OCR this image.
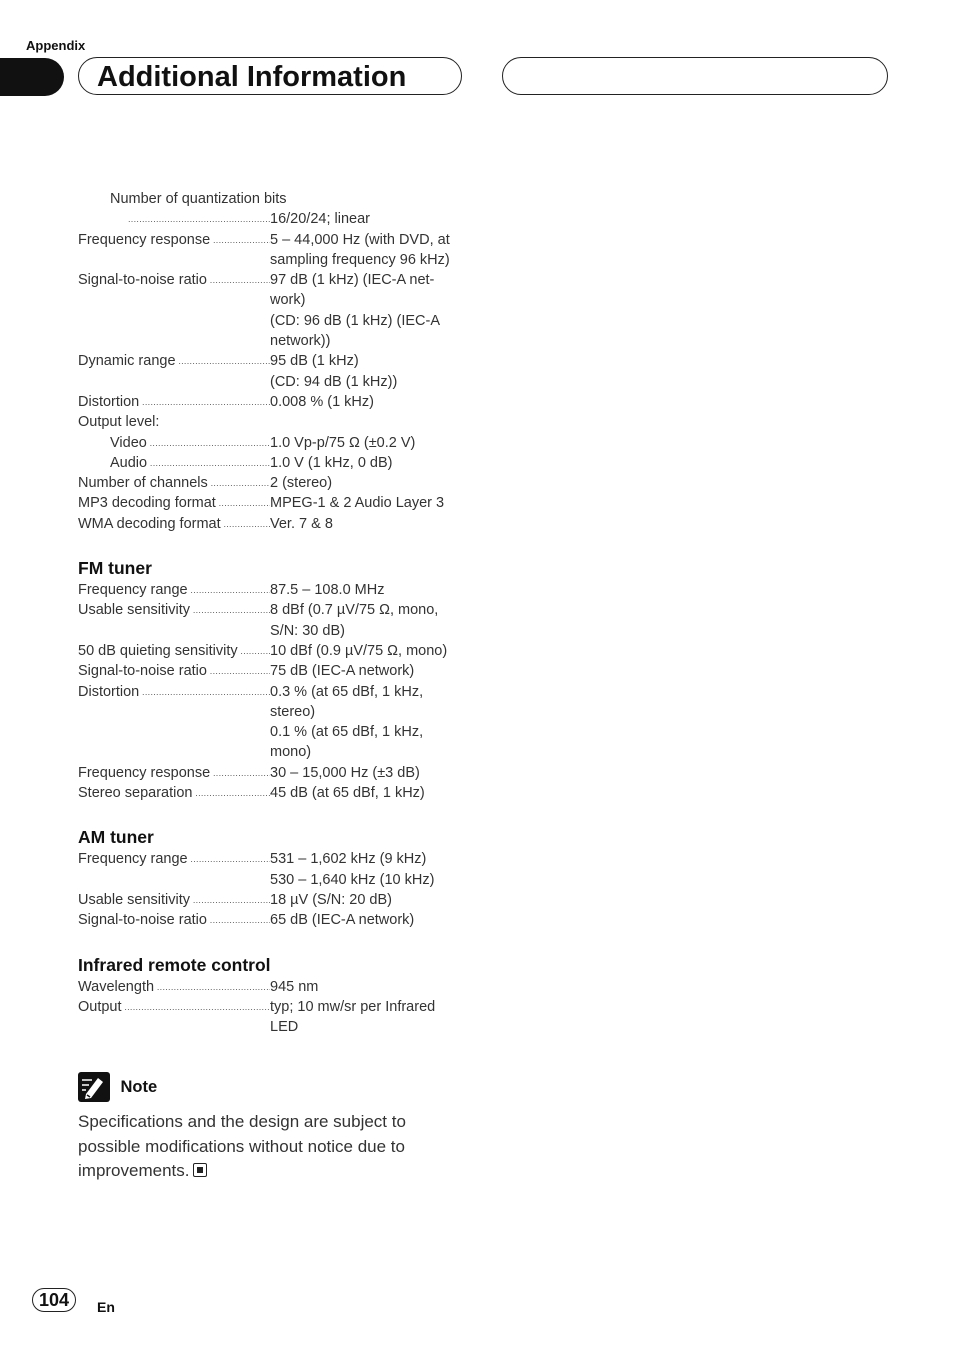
Appendix
Additional Information
Number of quantization bits
.....
16/20/24; linear
Frequency response .....	5 – 44,000 Hz (with DVD, at
sampling frequency 96 kHz)
Signal-to-noise ratio .....	97 dB (1 kHz) (IEC-A net-
work)
(CD: 96 dB (1 kHz) (IEC-A
network))
Dynamic range .....	95 dB (1 kHz)
(CD: 94 dB (1 kHz))
Distortion .....	0.008 % (1 kHz)
Output level:
Video .....	1.0 Vp-p/75 Ω (±0.2 V)
Audio .....	1.0 V (1 kHz, 0 dB)
Number of channels .....	2 (stereo)
MP3 decoding format .....	MPEG-1 & 2 Audio Layer 3
WMA decoding format .....	Ver. 7 & 8
FM tuner
Frequency range .....	87.5 – 108.0 MHz
Usable sensitivity .....	8 dBf (0.7 µV/75 Ω, mono,
S/N: 30 dB)
50 dB quieting sensitivity ..... 10 dBf (0.9 µV/75 Ω, mono)
Signal-to-noise ratio .....	75 dB (IEC-A network)
Distortion .....	0.3 % (at 65 dBf, 1 kHz,
stereo)
0.1 % (at 65 dBf, 1 kHz,
mono)
Frequency response .....	30 – 15,000 Hz (±3 dB)
Stereo separation .....	45 dB (at 65 dBf, 1 kHz)
AM tuner
Frequency range .....	531 – 1,602 kHz (9 kHz)
530 – 1,640 kHz (10 kHz)
Usable sensitivity .....	18 µV (S/N: 20 dB)
Signal-to-noise ratio .....	65 dB (IEC-A network)
Infrared remote control
Wavelength .....	945 nm
Output .....	typ; 10 mw/sr per Infrared
LED
Note
Specifications and the design are subject to possible modifications without notice due to improvements.
104	En
